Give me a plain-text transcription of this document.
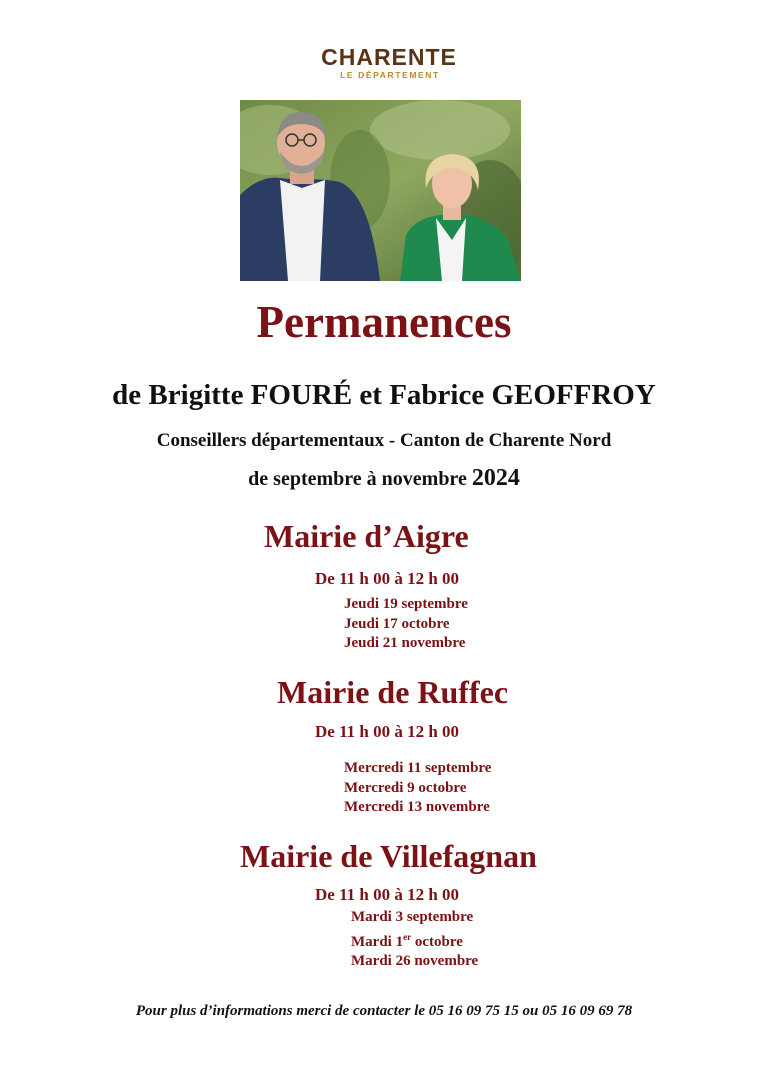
CHARENTE
LE DÉPARTEMENT
Permanences
de Brigitte FOURÉ et Fabrice GEOFFROY
Conseillers départementaux - Canton de Charente Nord
de septembre à novembre 2024
Mairie d’Aigre
De 11 h 00 à 12 h 00
Jeudi 19 septembre
Jeudi 17 octobre
Jeudi 21 novembre
Mairie de Ruffec
De 11 h 00 à 12 h 00
Mercredi 11 septembre
Mercredi 9 octobre
Mercredi 13 novembre
Mairie de Villefagnan
De 11 h 00 à 12 h 00
Mardi 3 septembre
Mardi 1er octobre
Mardi 26 novembre
Pour plus d’informations merci de contacter le 05 16 09 75 15 ou 05 16 09 69 78
